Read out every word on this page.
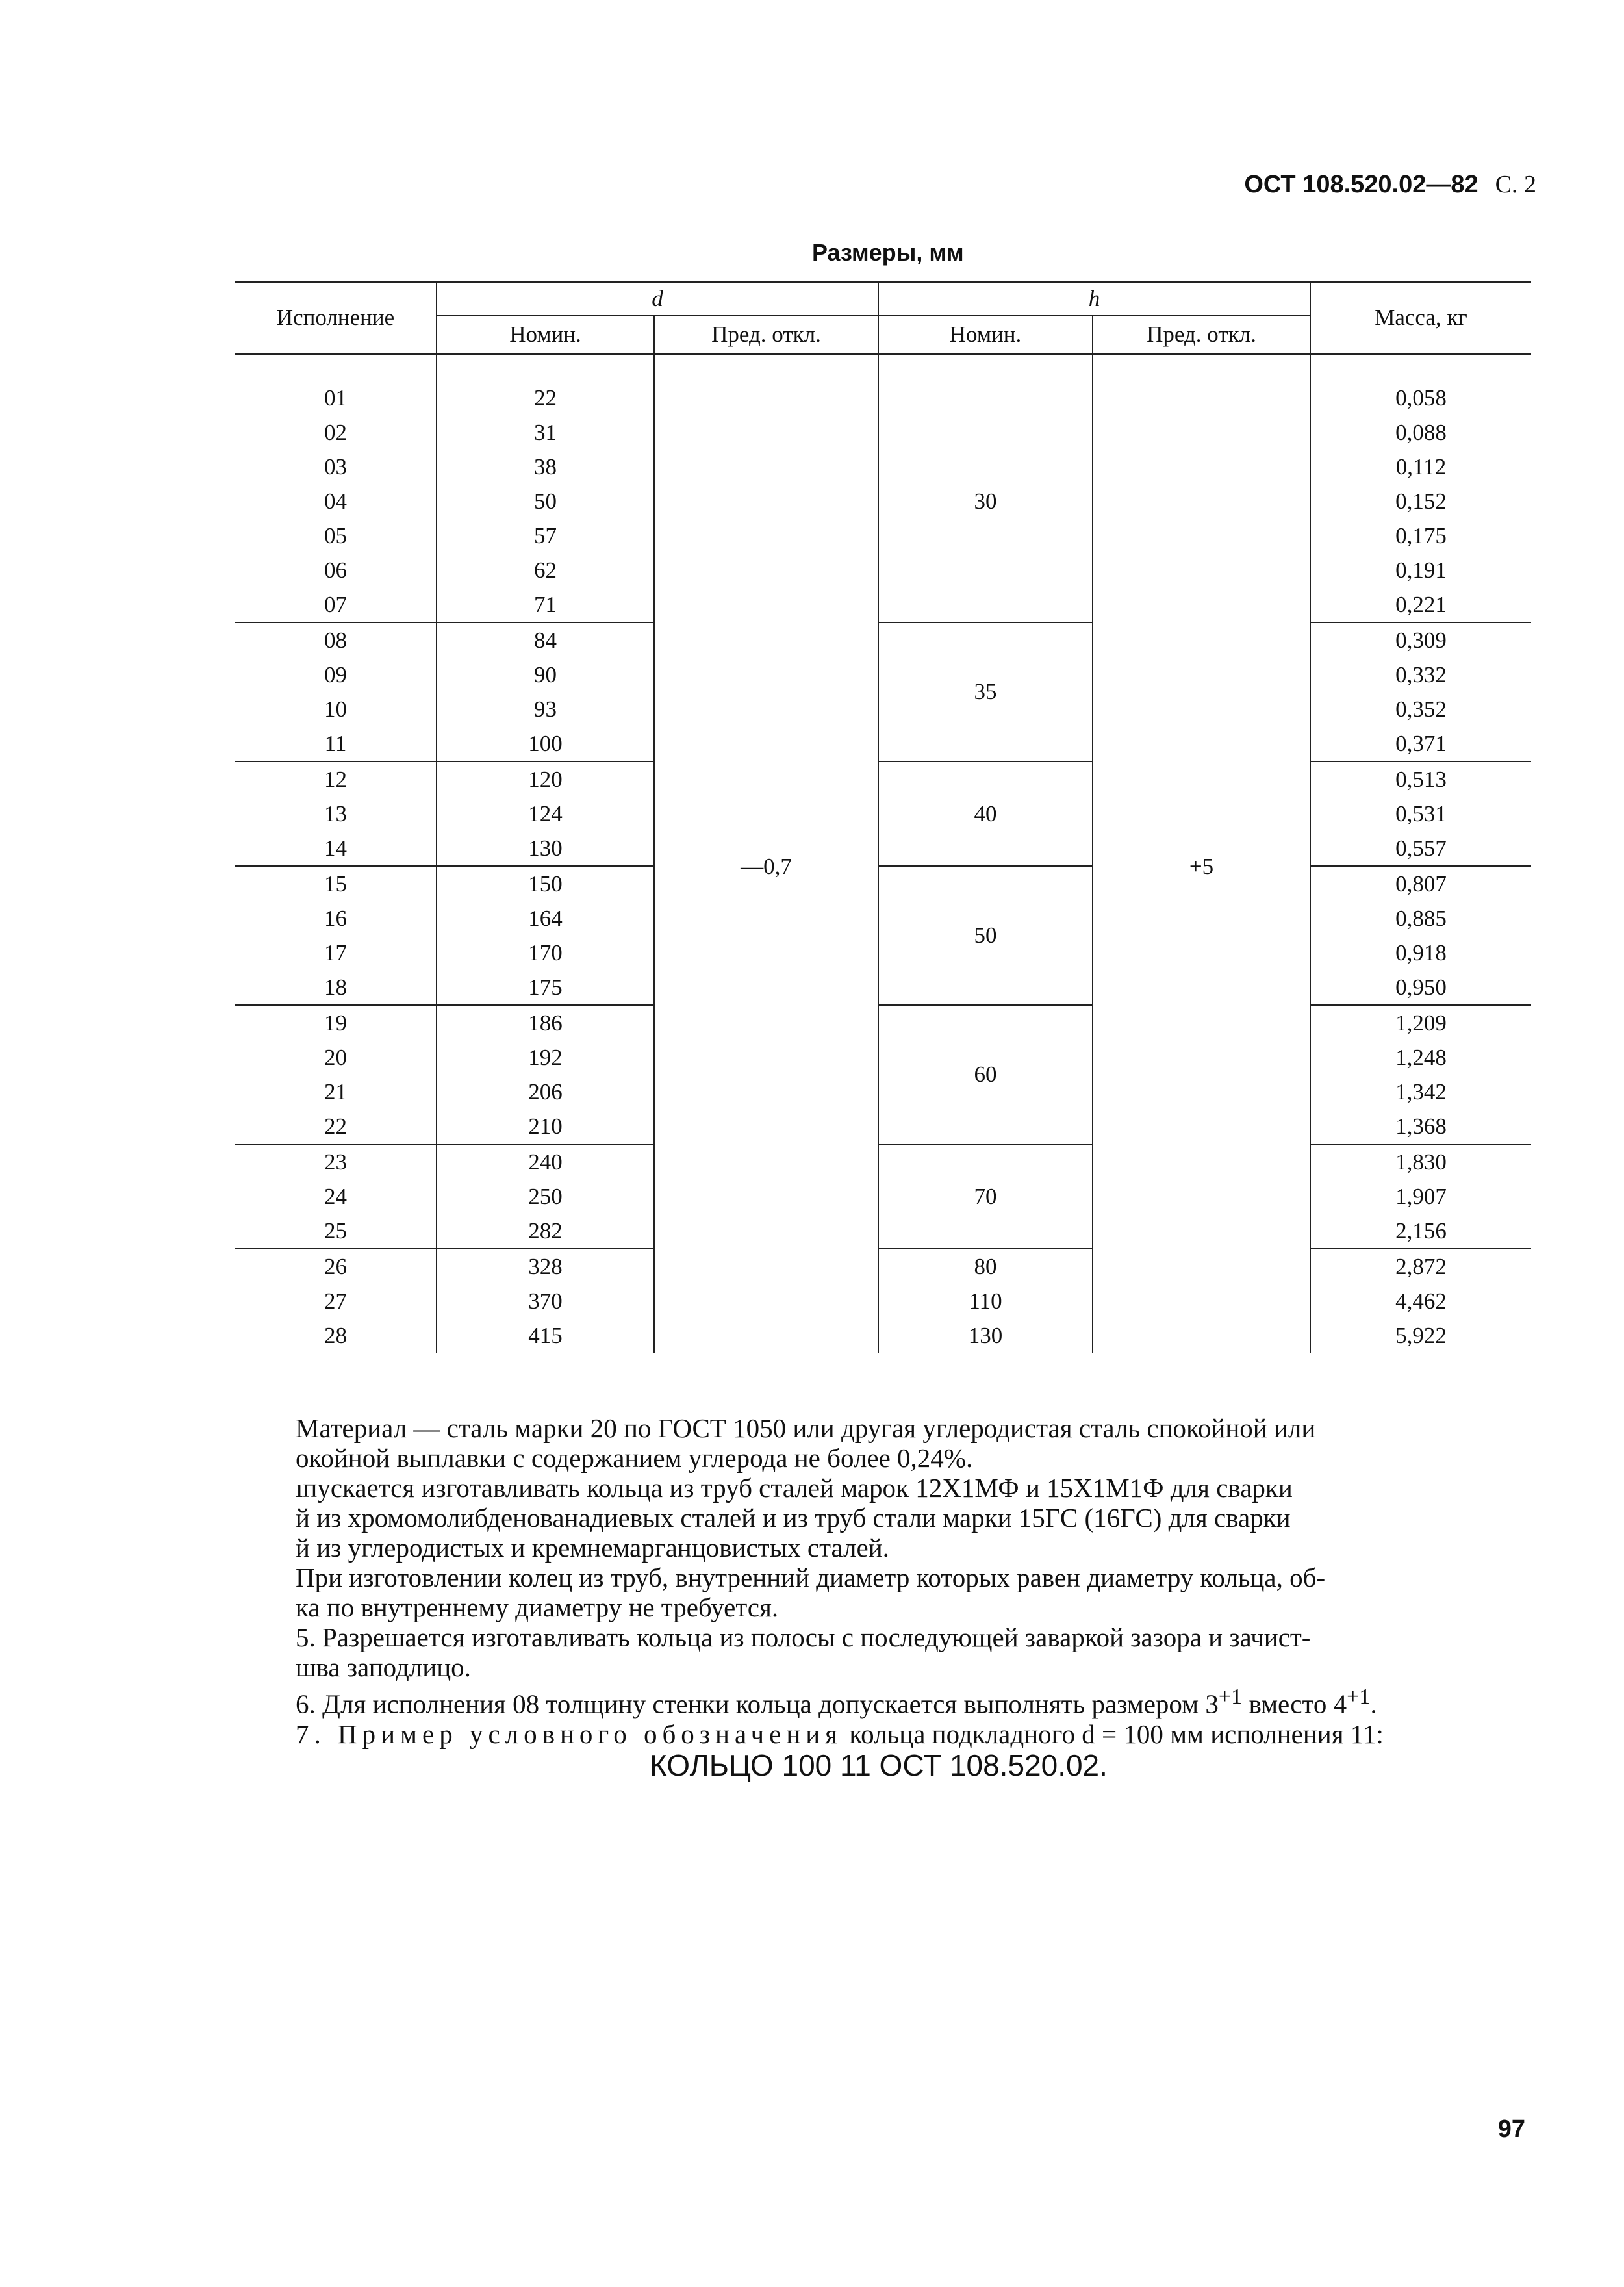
ОСТ 108.520.02—82 С. 2
Размеры, мм
Исполнение	d		h		Масса, кг
	Номин.	Пред. откл.	Номин.	Пред. откл.	

01	22	—0,7	30	+5	0,058
02	31				0,088
03	38				0,112
04	50				0,152
05	57				0,175
06	62				0,191
07	71				0,221
08	84		35		0,309
09	90				0,332
10	93				0,352
11	100				0,371
12	120		40		0,513
13	124				0,531
14	130				0,557
15	150		50		0,807
16	164				0,885
17	170				0,918
18	175				0,950
19	186		60		1,209
20	192				1,248
21	206				1,342
22	210				1,368
23	240		70		1,830
24	250				1,907
25	282				2,156
26	328		80		2,872
27	370		110		4,462
28	415		130		5,922

Материал — сталь марки 20 по ГОСТ 1050 или другая углеродистая сталь спокойной или

окойной выплавки с содержанием углерода не более 0,24%.

ıпускается изготавливать кольца из труб сталей марок 12Х1МФ и 15Х1М1Ф для сварки

й из хромомолибденованадиевых сталей и из труб стали марки 15ГС (16ГС) для сварки

й из углеродистых и кремнемарганцовистых сталей.

При изготовлении колец из труб, внутренний диаметр которых равен диаметру кольца, об-

ка по внутреннему диаметру не требуется.

5. Разрешается изготавливать кольца из полосы с последующей заваркой зазора и зачист-

шва заподлицо.

6. Для исполнения 08 толщину стенки кольца допускается выполнять размером $3^{+1}$ вместо $4^{+1}$.

7. Пример условного обозначения кольца подкладного d = 100 мм исполнения 11:

КОЛЬЦО 100 11 ОСТ 108.520.02.
97
